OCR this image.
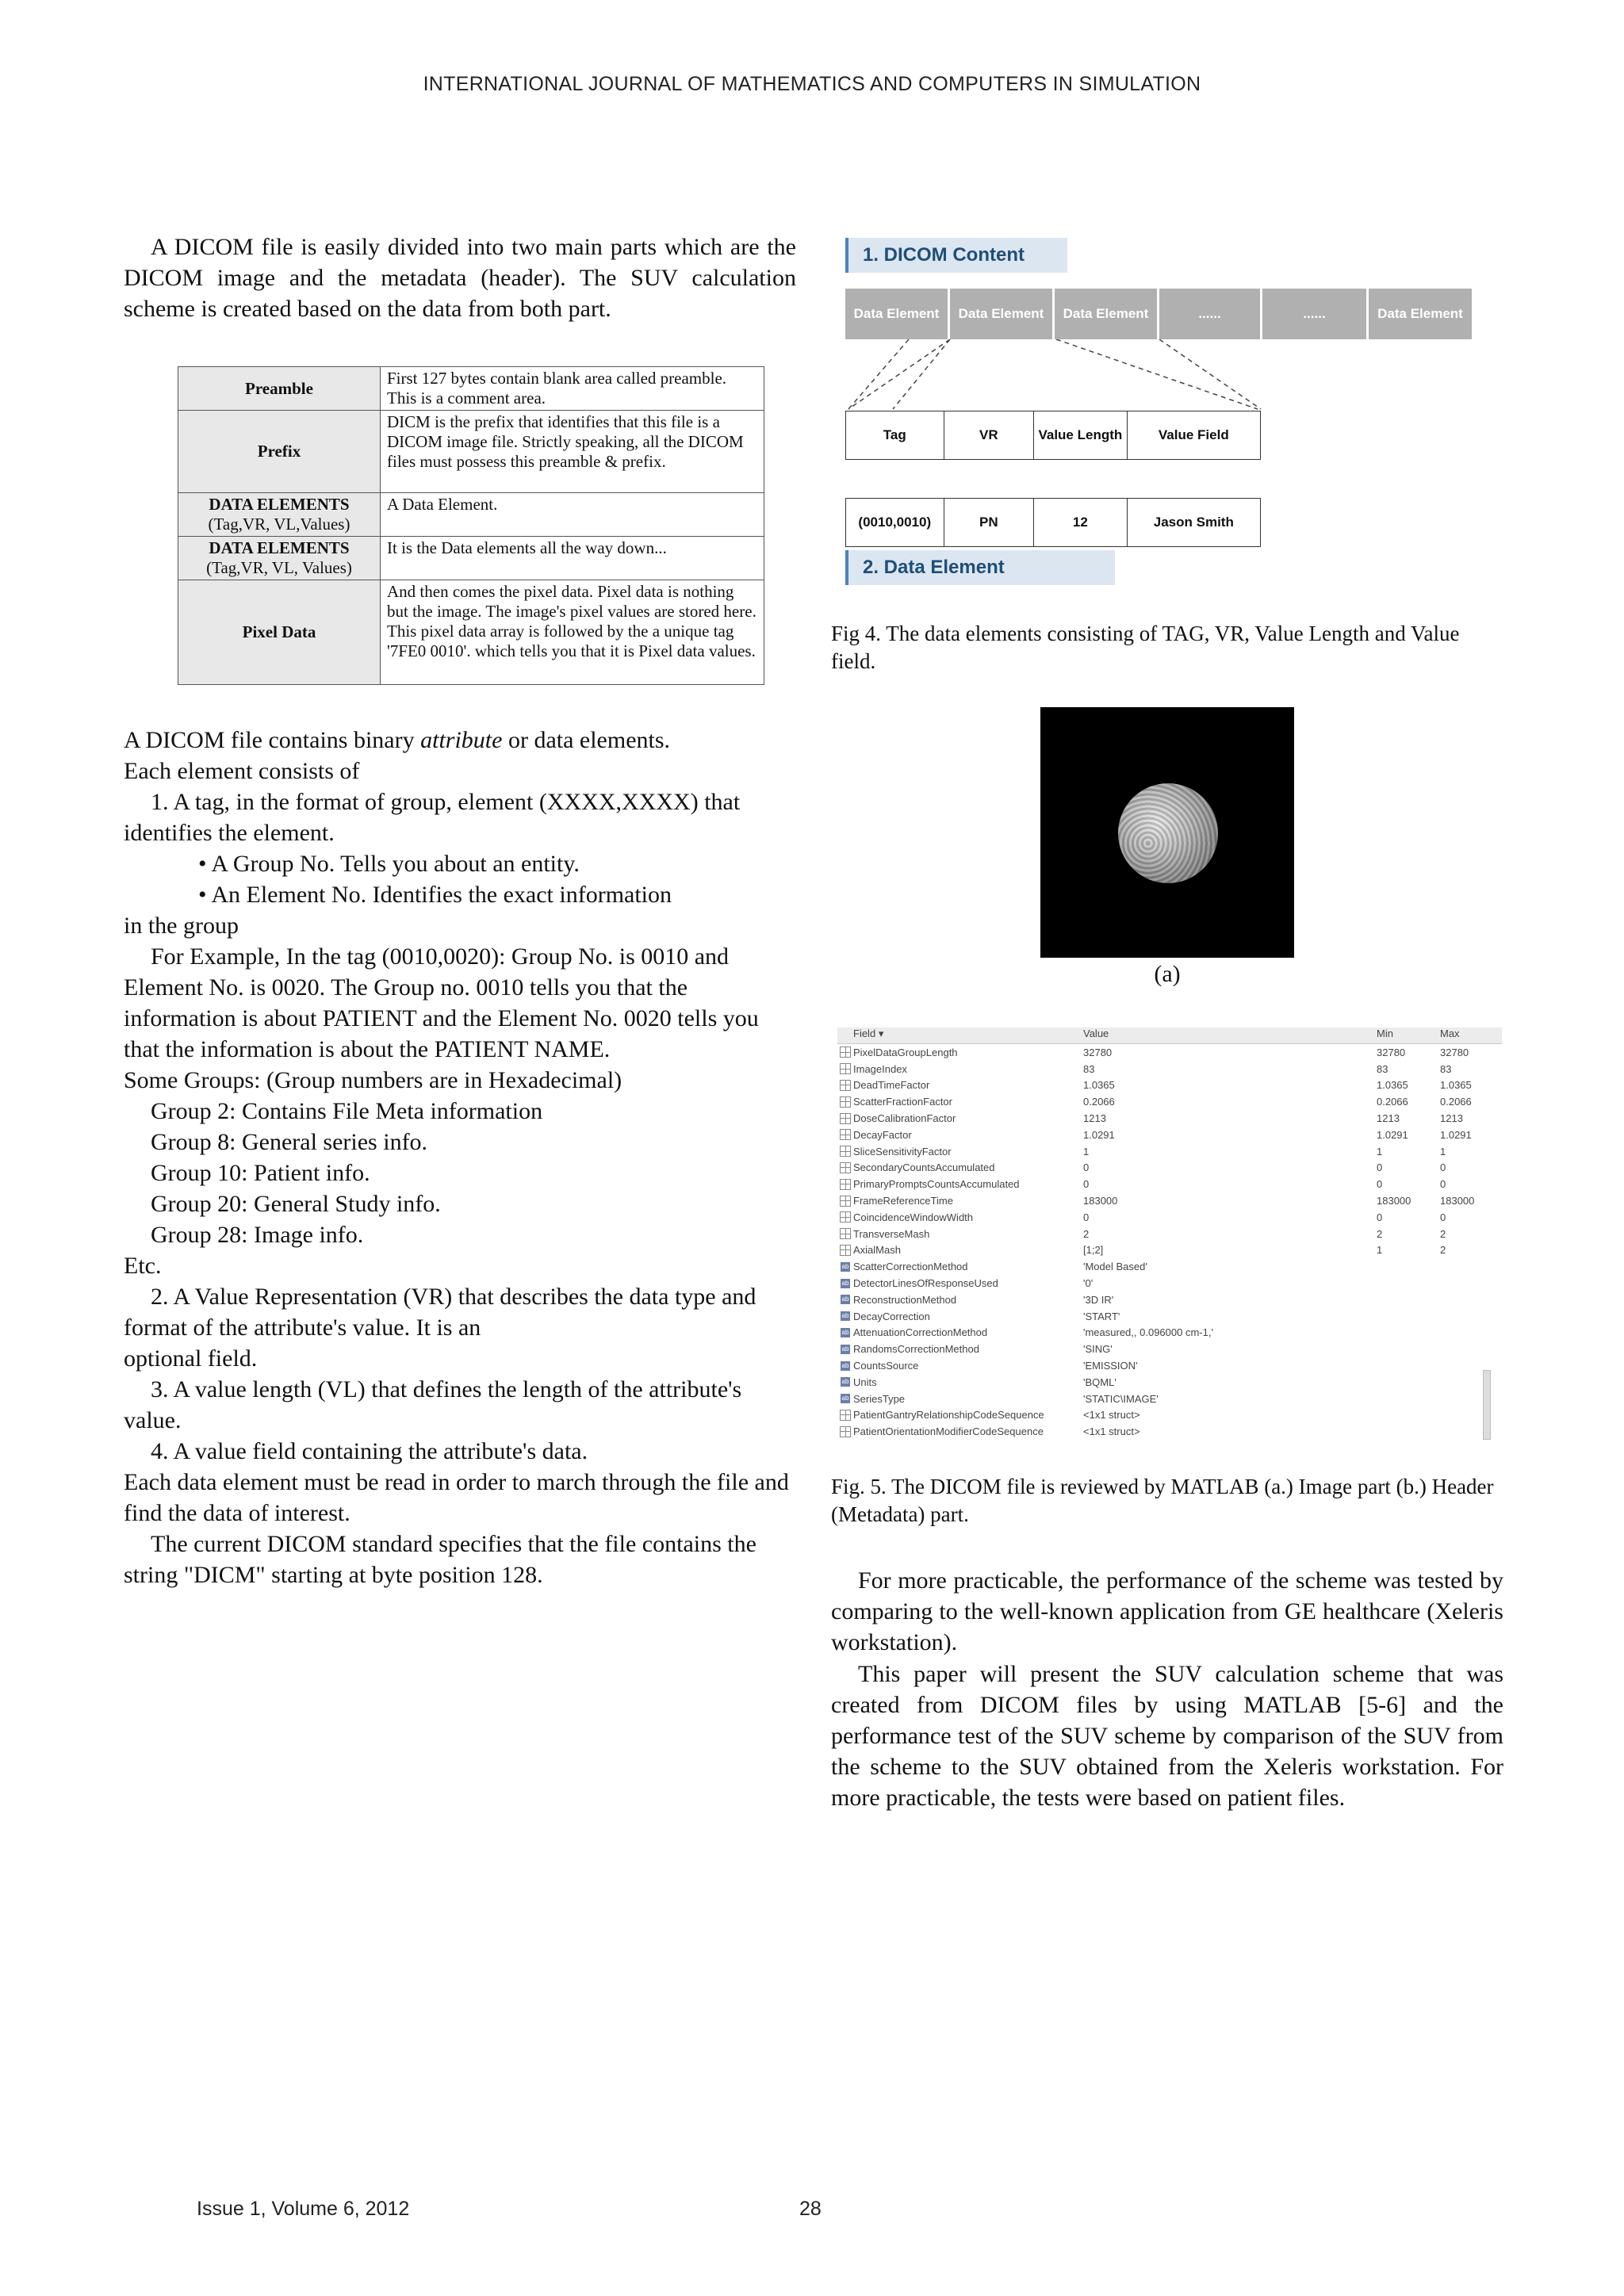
INTERNATIONAL JOURNAL OF MATHEMATICS AND COMPUTERS IN SIMULATION

A DICOM file is easily divided into two main parts which are the DICOM image and the metadata (header). The SUV calculation scheme is created based on the data from both part.

Preamble	First 127 bytes contain blank area called preamble. This is a comment area.
Prefix	DICM is the prefix that identifies that this file is a DICOM image file. Strictly speaking, all the DICOM files must possess this preamble & prefix.
DATA ELEMENTS
(Tag,VR, VL,Values)	A Data Element.
DATA ELEMENTS
(Tag,VR, VL, Values)	It is the Data elements all the way down...
Pixel Data	And then comes the pixel data. Pixel data is nothing but the image. The image's pixel values are stored here. This pixel data array is followed by the a unique tag '7FE0 0010'. which tells you that it is Pixel data values.

A DICOM file contains binary attribute or data elements.

Each element consists of

1. A tag, in the format of group, element (XXXX,XXXX) that identifies the element.

• A Group No. Tells you about an entity.

• An Element No. Identifies the exact information

in the group

For Example, In the tag (0010,0020): Group No. is 0010 and Element No. is 0020. The Group no. 0010 tells you that the information is about PATIENT and the Element No. 0020 tells you that the information is about the PATIENT NAME.

Some Groups: (Group numbers are in Hexadecimal)

Group 2: Contains File Meta information

Group 8: General series info.

Group 10: Patient info.

Group 20: General Study info.

Group 28: Image info.

Etc.

2. A Value Representation (VR) that describes the data type and format of the attribute's value. It is an

optional field.

3. A value length (VL) that defines the length of the attribute's value.

4. A value field containing the attribute's data.

Each data element must be read in order to march through the file and find the data of interest.

The current DICOM standard specifies that the file contains the string "DICM" starting at byte position 128.

1. DICOM Content
Data Element	Data Element	Data Element	......	......	Data Element
Tag	VR	Value Length	Value Field
(0010,0010)	PN	12	Jason Smith
2. Data Element

Fig 4. The data elements consisting of TAG, VR, Value Length and Value field.

(a)
Field ▾	Value	Min	Max
PixelDataGroupLength	32780	32780	32780
ImageIndex	83	83	83
DeadTimeFactor	1.0365	1.0365	1.0365
ScatterFractionFactor	0.2066	0.2066	0.2066
DoseCalibrationFactor	1213	1213	1213
DecayFactor	1.0291	1.0291	1.0291
SliceSensitivityFactor	1	1	1
SecondaryCountsAccumulated	0	0	0
PrimaryPromptsCountsAccumulated	0	0	0
FrameReferenceTime	183000	183000	183000
CoincidenceWindowWidth	0	0	0
TransverseMash	2	2	2
AxialMash	[1;2]	1	2
ab ScatterCorrectionMethod	'Model Based'
ab DetectorLinesOfResponseUsed	'0'
ab ReconstructionMethod	'3D IR'
ab DecayCorrection	'START'
ab AttenuationCorrectionMethod	'measured,, 0.096000 cm-1,'
ab RandomsCorrectionMethod	'SING'
ab CountsSource	'EMISSION'
ab Units	'BQML'
ab SeriesType	'STATIC\IMAGE'
PatientGantryRelationshipCodeSequence	<1x1 struct>
PatientOrientationModifierCodeSequence	<1x1 struct>

Fig. 5. The DICOM file is reviewed by MATLAB (a.) Image part (b.) Header (Metadata) part.

For more practicable, the performance of the scheme was tested by comparing to the well-known application from GE healthcare (Xeleris workstation).

This paper will present the SUV calculation scheme that was created from DICOM files by using MATLAB [5-6] and the performance test of the SUV scheme by comparison of the SUV from the scheme to the SUV obtained from the Xeleris workstation. For more practicable, the tests were based on patient files.

Issue 1, Volume 6, 2012	28
